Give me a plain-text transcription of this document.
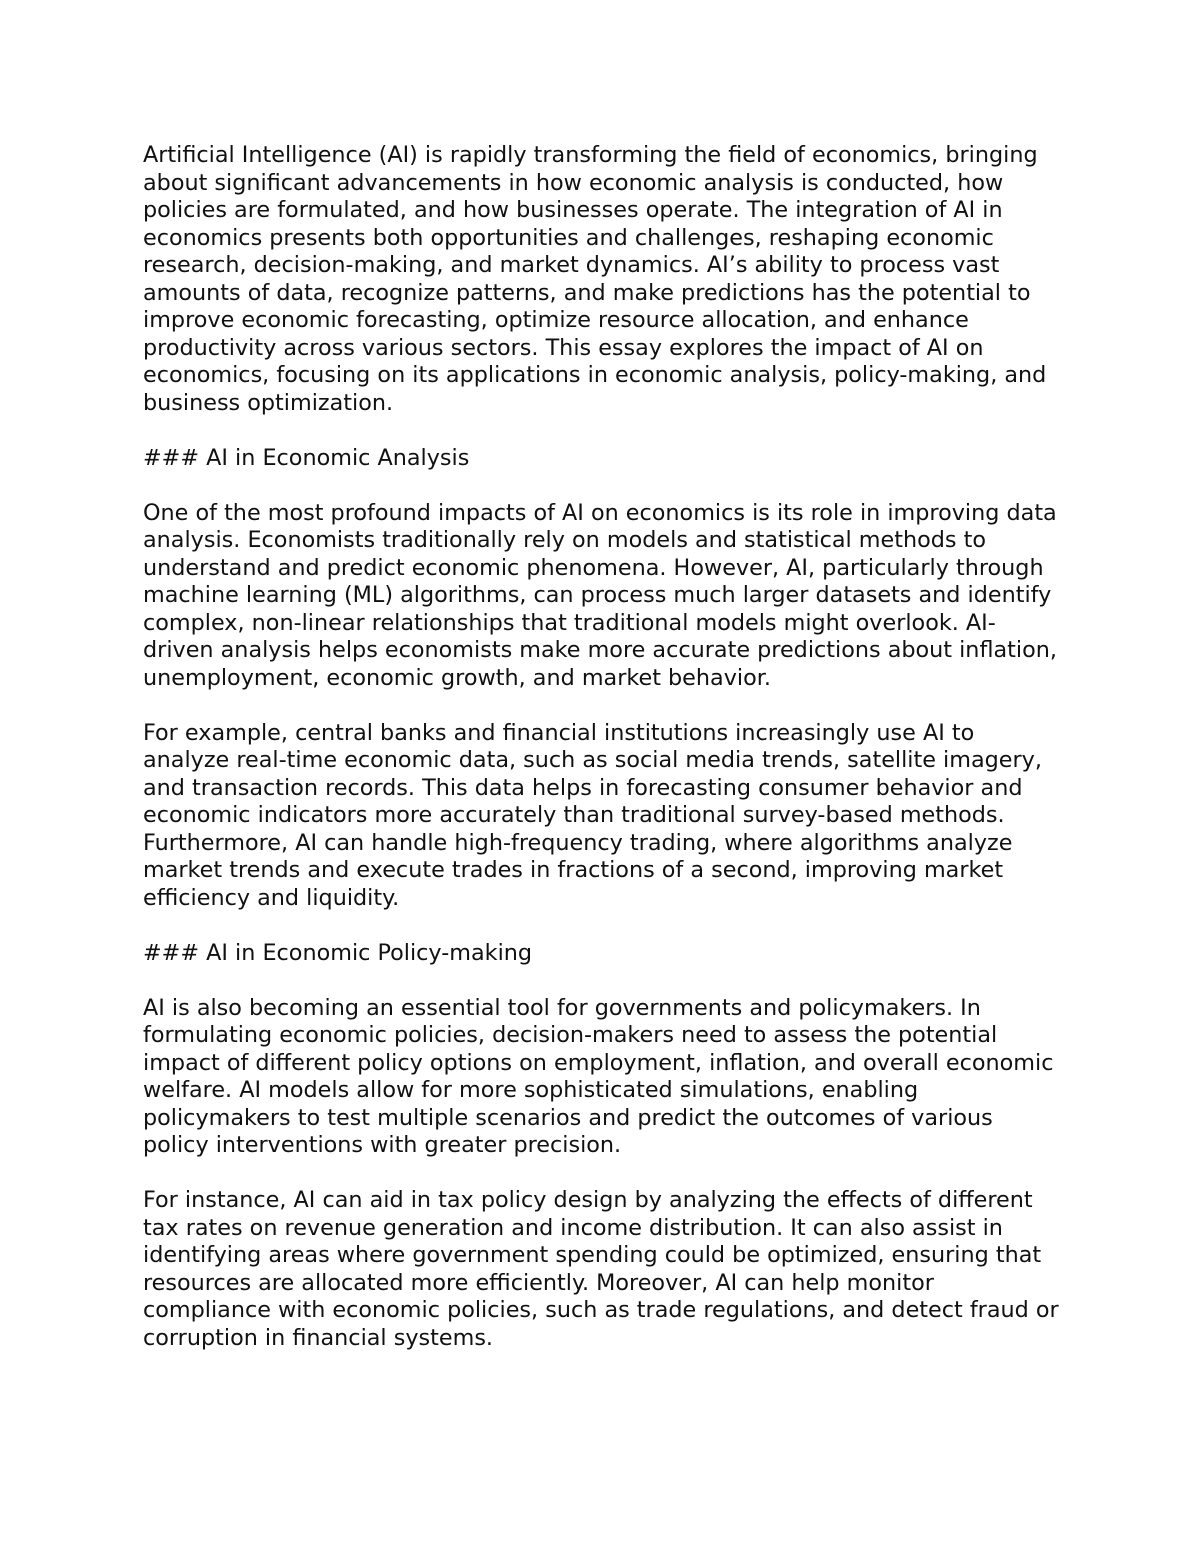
Artificial Intelligence (AI) is rapidly transforming the field of economics, bringing about significant advancements in how economic analysis is conducted, how policies are formulated, and how businesses operate. The integration of AI in economics presents both opportunities and challenges, reshaping economic research, decision-making, and market dynamics. AI’s ability to process vast amounts of data, recognize patterns, and make predictions has the potential to improve economic forecasting, optimize resource allocation, and enhance productivity across various sectors. This essay explores the impact of AI on economics, focusing on its applications in economic analysis, policy-making, and business optimization.

### AI in Economic Analysis

One of the most profound impacts of AI on economics is its role in improving data analysis. Economists traditionally rely on models and statistical methods to understand and predict economic phenomena. However, AI, particularly through machine learning (ML) algorithms, can process much larger datasets and identify complex, non-linear relationships that traditional models might overlook. AI-driven analysis helps economists make more accurate predictions about inflation, unemployment, economic growth, and market behavior.

For example, central banks and financial institutions increasingly use AI to analyze real-time economic data, such as social media trends, satellite imagery, and transaction records. This data helps in forecasting consumer behavior and economic indicators more accurately than traditional survey-based methods. Furthermore, AI can handle high-frequency trading, where algorithms analyze market trends and execute trades in fractions of a second, improving market efficiency and liquidity.

### AI in Economic Policy-making

AI is also becoming an essential tool for governments and policymakers. In formulating economic policies, decision-makers need to assess the potential impact of different policy options on employment, inflation, and overall economic welfare. AI models allow for more sophisticated simulations, enabling policymakers to test multiple scenarios and predict the outcomes of various policy interventions with greater precision.

For instance, AI can aid in tax policy design by analyzing the effects of different tax rates on revenue generation and income distribution. It can also assist in identifying areas where government spending could be optimized, ensuring that resources are allocated more efficiently. Moreover, AI can help monitor compliance with economic policies, such as trade regulations, and detect fraud or corruption in financial systems.
